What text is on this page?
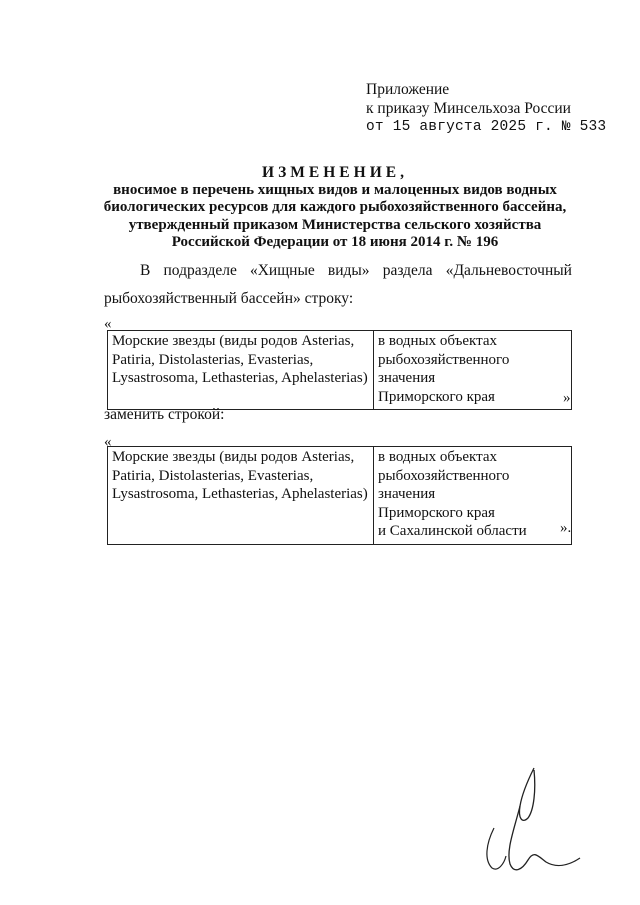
Приложение
к приказу Минсельхоза России
от 15 августа 2025 г. № 533
ИЗМЕНЕНИЕ,
вносимое в перечень хищных видов и малоценных видов водных
биологических ресурсов для каждого рыбохозяйственного бассейна,
утвержденный приказом Министерства сельского хозяйства
Российской Федерации от 18 июня 2014 г. № 196
В подразделе «Хищные виды» раздела «Дальневосточный
рыбохозяйственный бассейн» строку:
«
Морские звезды (виды родов Asterias,
Patiria, Distolasterias, Evasterias,
Lysastrosoma, Lethasterias, Aphelasterias)

в водных объектах
рыбохозяйственного значения
Приморского края	»
заменить строкой:
«
Морские звезды (виды родов Asterias,
Patiria, Distolasterias, Evasterias,
Lysastrosoma, Lethasterias, Aphelasterias)

в водных объектах
рыбохозяйственного значения
Приморского края
и Сахалинской области	».
